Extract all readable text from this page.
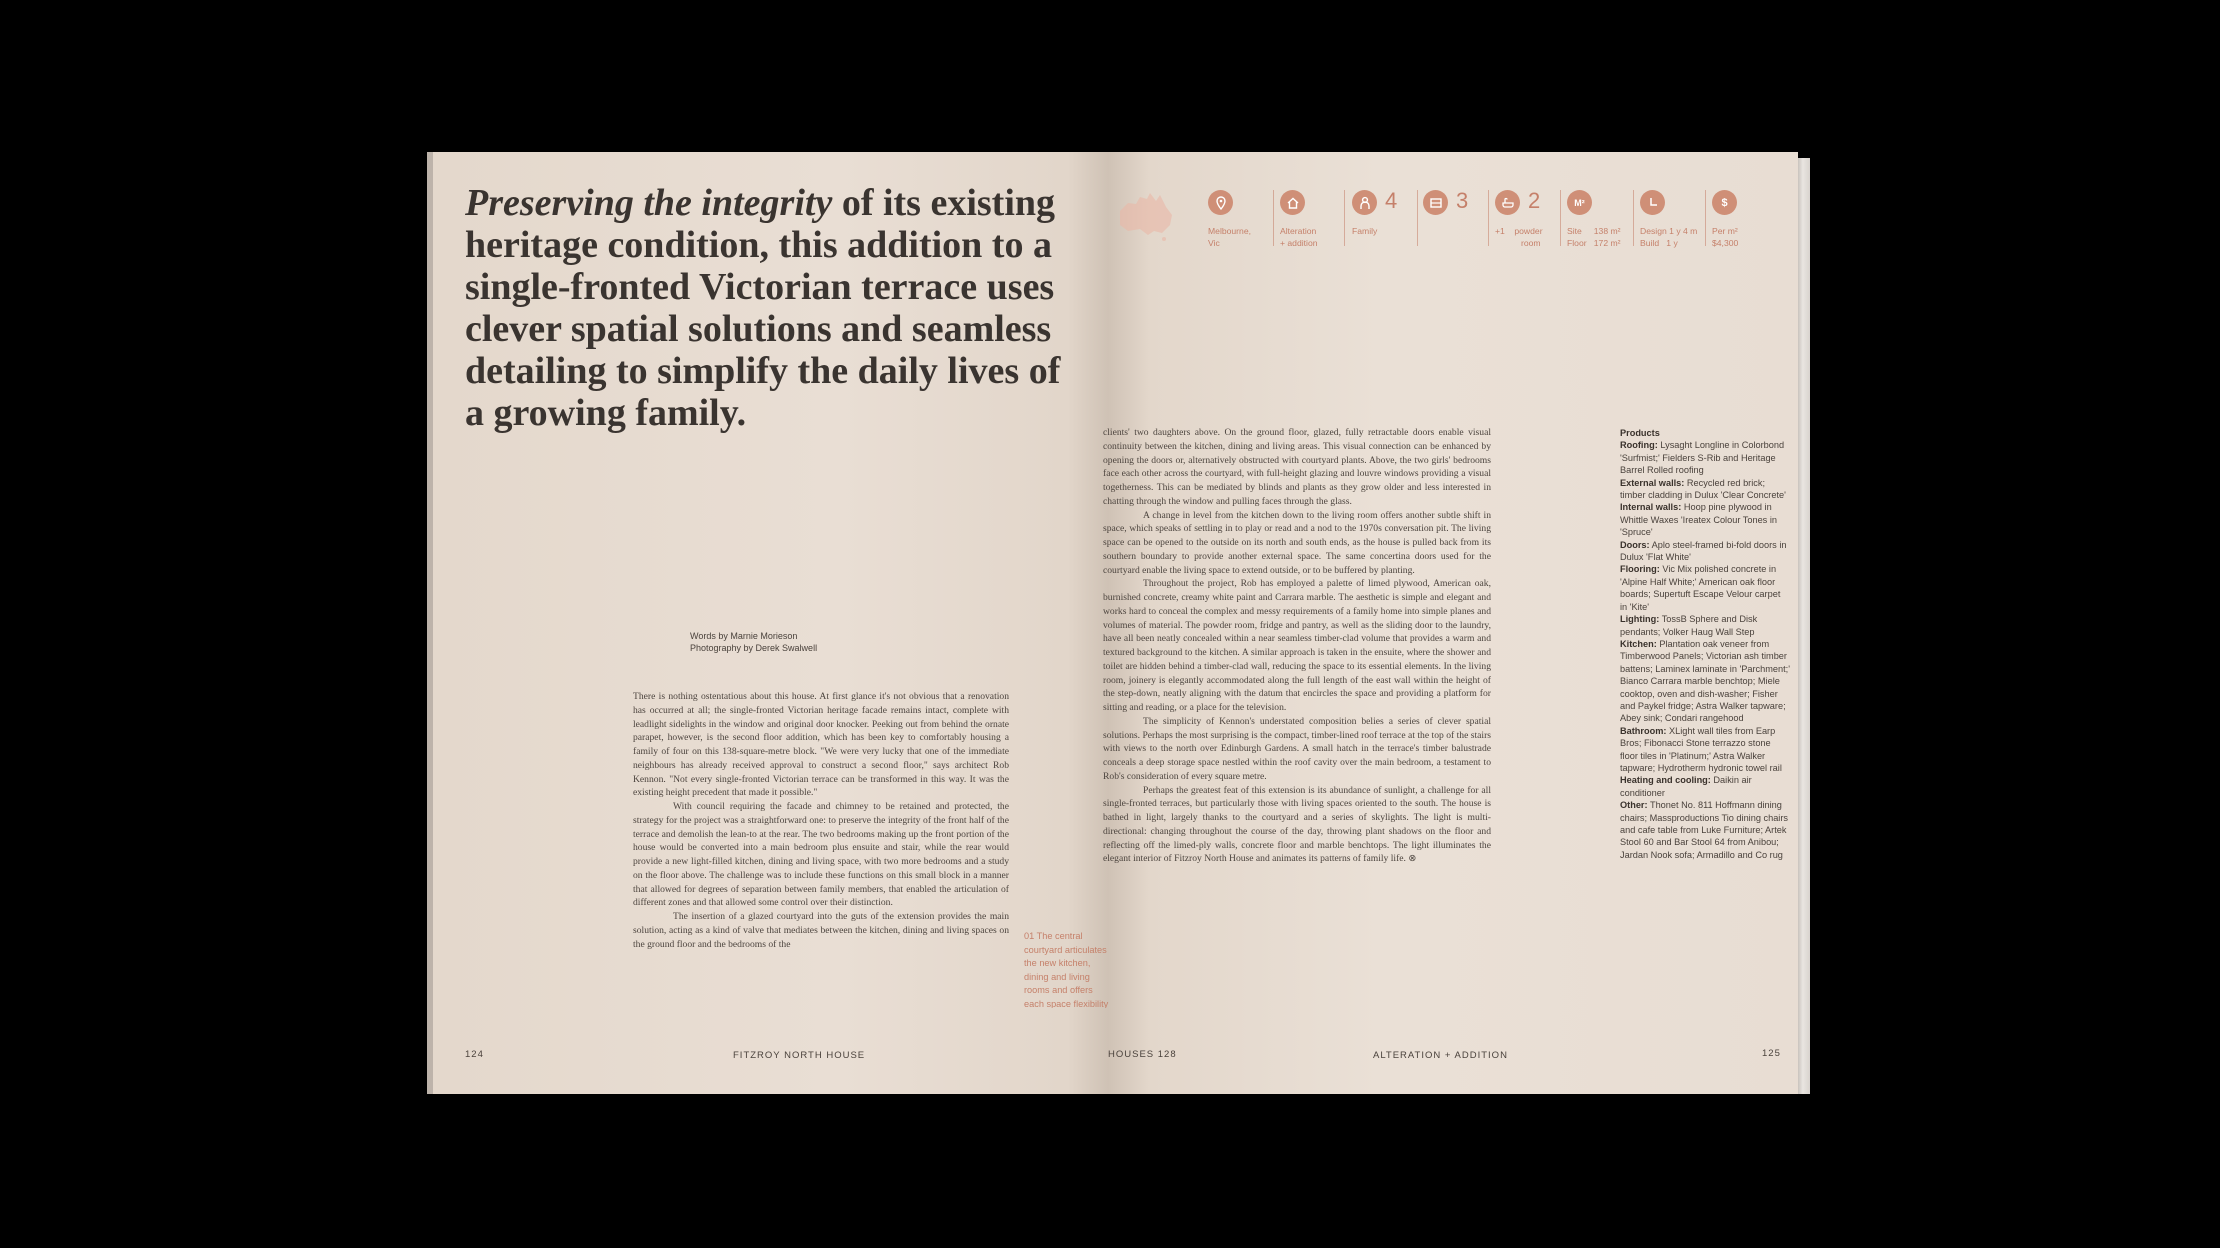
Preserving the integrity of its existing heritage condition, this addition to a single-fronted Victorian terrace uses clever spatial solutions and seamless detailing to simplify the daily lives of a growing family.
Words by Marnie Morieson
Photography by Derek Swalwell

There is nothing ostentatious about this house. At first glance it's not obvious that a renovation has occurred at all; the single-fronted Victorian heritage facade remains intact, complete with leadlight sidelights in the window and original door knocker. Peeking out from behind the ornate parapet, however, is the second floor addition, which has been key to comfortably housing a family of four on this 138-square-metre block. "We were very lucky that one of the immediate neighbours has already received approval to construct a second floor," says architect Rob Kennon. "Not every single-fronted Victorian terrace can be transformed in this way. It was the existing height precedent that made it possible."

With council requiring the facade and chimney to be retained and protected, the strategy for the project was a straightforward one: to preserve the integrity of the front half of the terrace and demolish the lean-to at the rear. The two bedrooms making up the front portion of the house would be converted into a main bedroom plus ensuite and stair, while the rear would provide a new light-filled kitchen, dining and living space, with two more bedrooms and a study on the floor above. The challenge was to include these functions on this small block in a manner that allowed for degrees of separation between family members, that enabled the articulation of different zones and that allowed some control over their distinction.

The insertion of a glazed courtyard into the guts of the extension provides the main solution, acting as a kind of valve that mediates between the kitchen, dining and living spaces on the ground floor and the bedrooms of the

01 The central
courtyard articulates
the new kitchen,
dining and living
rooms and offers
each space flexibility

clients' two daughters above. On the ground floor, glazed, fully retractable doors enable visual continuity between the kitchen, dining and living areas. This visual connection can be enhanced by opening the doors or, alternatively obstructed with courtyard plants. Above, the two girls' bedrooms face each other across the courtyard, with full-height glazing and louvre windows providing a visual togetherness. This can be mediated by blinds and plants as they grow older and less interested in chatting through the window and pulling faces through the glass.

A change in level from the kitchen down to the living room offers another subtle shift in space, which speaks of settling in to play or read and a nod to the 1970s conversation pit. The living space can be opened to the outside on its north and south ends, as the house is pulled back from its southern boundary to provide another external space. The same concertina doors used for the courtyard enable the living space to extend outside, or to be buffered by planting.

Throughout the project, Rob has employed a palette of limed plywood, American oak, burnished concrete, creamy white paint and Carrara marble. The aesthetic is simple and elegant and works hard to conceal the complex and messy requirements of a family home into simple planes and volumes of material. The powder room, fridge and pantry, as well as the sliding door to the laundry, have all been neatly concealed within a near seamless timber-clad volume that provides a warm and textured background to the kitchen. A similar approach is taken in the ensuite, where the shower and toilet are hidden behind a timber-clad wall, reducing the space to its essential elements. In the living room, joinery is elegantly accommodated along the full length of the east wall within the height of the step-down, neatly aligning with the datum that encircles the space and providing a platform for sitting and reading, or a place for the television.

The simplicity of Kennon's understated composition belies a series of clever spatial solutions. Perhaps the most surprising is the compact, timber-lined roof terrace at the top of the stairs with views to the north over Edinburgh Gardens. A small hatch in the terrace's timber balustrade conceals a deep storage space nestled within the roof cavity over the main bedroom, a testament to Rob's consideration of every square metre.

Perhaps the greatest feat of this extension is its abundance of sunlight, a challenge for all single-fronted terraces, but particularly those with living spaces oriented to the south. The house is bathed in light, largely thanks to the courtyard and a series of skylights. The light is multi-directional: changing throughout the course of the day, throwing plant shadows on the floor and reflecting off the limed-ply walls, concrete floor and marble benchtops. The light illuminates the elegant interior of Fitzroy North House and animates its patterns of family life. ⊗

Melbourne,
Vic
Alteration
+ addition
Family
4	3
+1 powder
room
2	M²
Site 138 m²
Floor 172 m²
Design 1 y 4 m
Build 1 y
$
Per m²
$4,300

Products

Roofing: Lysaght Longline in Colorbond 'Surfmist;' Fielders S-Rib and Heritage Barrel Rolled roofing

External walls: Recycled red brick; timber cladding in Dulux 'Clear Concrete'

Internal walls: Hoop pine plywood in Whittle Waxes 'Ireatex Colour Tones in 'Spruce'

Doors: Aplo steel-framed bi-fold doors in Dulux 'Flat White'

Flooring: Vic Mix polished concrete in 'Alpine Half White;' American oak floor boards; Supertuft Escape Velour carpet in 'Kite'

Lighting: TossB Sphere and Disk pendants; Volker Haug Wall Step

Kitchen: Plantation oak veneer from Timberwood Panels; Victorian ash timber battens; Laminex laminate in 'Parchment;' Bianco Carrara marble benchtop; Miele cooktop, oven and dish-washer; Fisher and Paykel fridge; Astra Walker tapware; Abey sink; Condari rangehood

Bathroom: XLight wall tiles from Earp Bros; Fibonacci Stone terrazzo stone floor tiles in 'Platinum;' Astra Walker tapware; Hydrotherm hydronic towel rail

Heating and cooling: Daikin air conditioner

Other: Thonet No. 811 Hoffmann dining chairs; Massproductions Tio dining chairs and cafe table from Luke Furniture; Artek Stool 60 and Bar Stool 64 from Anibou; Jardan Nook sofa; Armadillo and Co rug

124	FITZROY NORTH HOUSE	HOUSES 128	ALTERATION + ADDITION	125
